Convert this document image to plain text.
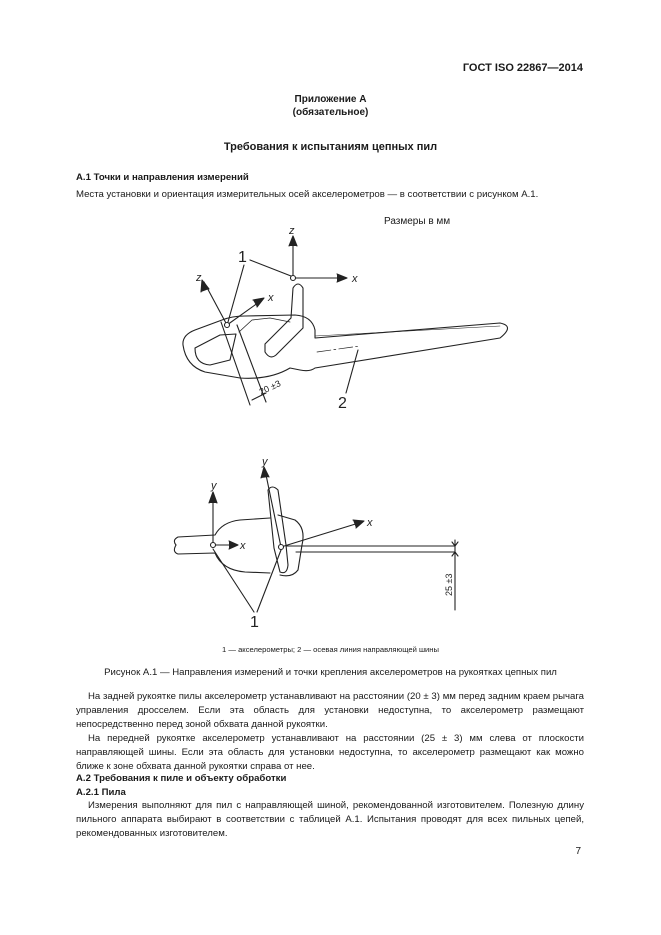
ГОСТ ISO 22867—2014
Приложение А
(обязательное)
Требования к испытаниям цепных пил
А.1 Точки и направления измерений
Места установки и ориентация измерительных осей акселерометров — в соответствии с рисунком А.1.
Размеры в мм
z
x
z
x
y
x
y
x
1
2
1
20 ±3
25 ±3
1 — акселерометры; 2 — осевая линия направляющей шины
Рисунок А.1 — Направления измерений и точки крепления акселерометров на рукоятках цепных пил
На задней рукоятке пилы акселерометр устанавливают на расстоянии (20 ± 3) мм перед задним краем рычага управления дросселем. Если эта область для установки недоступна, то акселерометр размещают непосредственно перед зоной обхвата данной рукоятки.
На передней рукоятке акселерометр устанавливают на расстоянии (25 ± 3) мм слева от плоскости направляющей шины. Если эта область для установки недоступна, то акселерометр размещают как можно ближе к зоне обхвата данной рукоятки справа от нее.
А.2 Требования к пиле и объекту обработки
А.2.1 Пила
Измерения выполняют для пил с направляющей шиной, рекомендованной изготовителем. Полезную длину пильного аппарата выбирают в соответствии с таблицей А.1. Испытания проводят для всех пильных цепей, рекомендованных изготовителем.
7
